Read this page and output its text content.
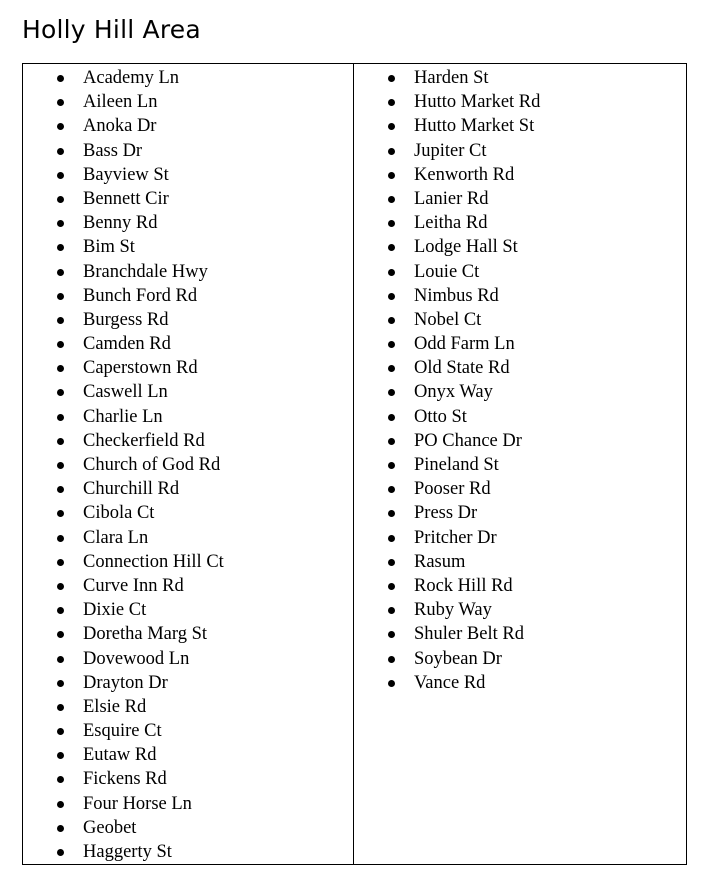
Holly Hill Area
Academy Ln
Aileen Ln
Anoka Dr
Bass Dr
Bayview St
Bennett Cir
Benny Rd
Bim St
Branchdale Hwy
Bunch Ford Rd
Burgess Rd
Camden Rd
Caperstown Rd
Caswell Ln
Charlie Ln
Checkerfield Rd
Church of God Rd
Churchill Rd
Cibola Ct
Clara Ln
Connection Hill Ct
Curve Inn Rd
Dixie Ct
Doretha Marg St
Dovewood Ln
Drayton Dr
Elsie Rd
Esquire Ct
Eutaw Rd
Fickens Rd
Four Horse Ln
Geobet
Haggerty St

Harden St
Hutto Market Rd
Hutto Market St
Jupiter Ct
Kenworth Rd
Lanier Rd
Leitha Rd
Lodge Hall St
Louie Ct
Nimbus Rd
Nobel Ct
Odd Farm Ln
Old State Rd
Onyx Way
Otto St
PO Chance Dr
Pineland St
Pooser Rd
Press Dr
Pritcher Dr
Rasum
Rock Hill Rd
Ruby Way
Shuler Belt Rd
Soybean Dr
Vance Rd
